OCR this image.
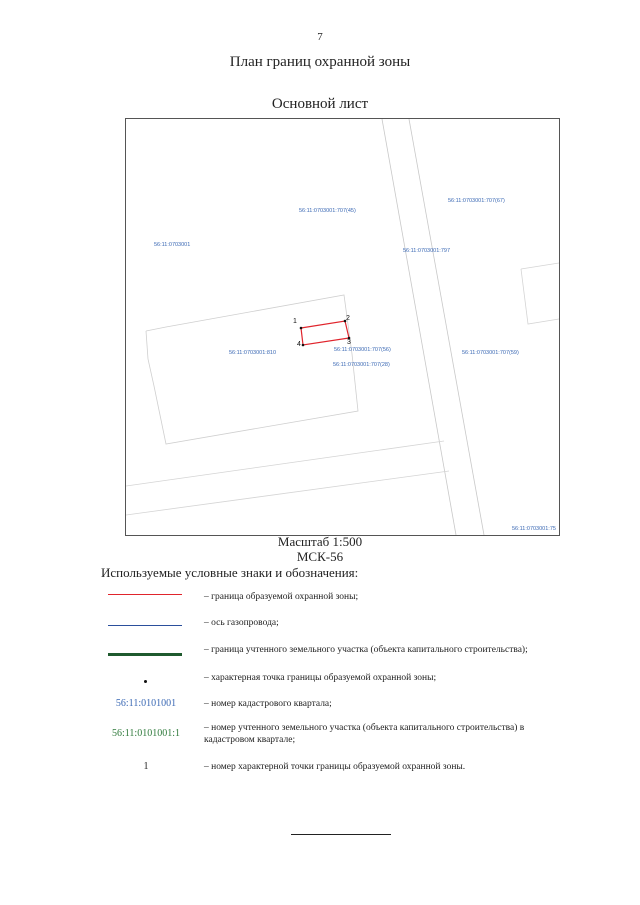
7
План границ охранной зоны
Основной лист
56:11:0703001
56:11:0703001:707(45)
56:11:0703001:707(67)
56:11:0703001:797
56:11:0703001:810	56:11:0703001:707(56)
56:11:0703001:707(28)
56:11:0703001:707(59)
56:11:0703001:75
1	2
3
4
Масштаб 1:500
МСК-56
Используемые условные знаки и обозначения:
– граница образуемой охранной зоны;
– ось газопровода;
– граница учтенного земельного участка (объекта капитального строительства);
– характерная точка границы образуемой охранной зоны;
56:11:0101001	– номер кадастрового квартала;
56:11:0101001:1	– номер учтенного земельного участка (объекта капитального строительства) в кадастровом квартале;
1	– номер характерной точки границы образуемой охранной зоны.
